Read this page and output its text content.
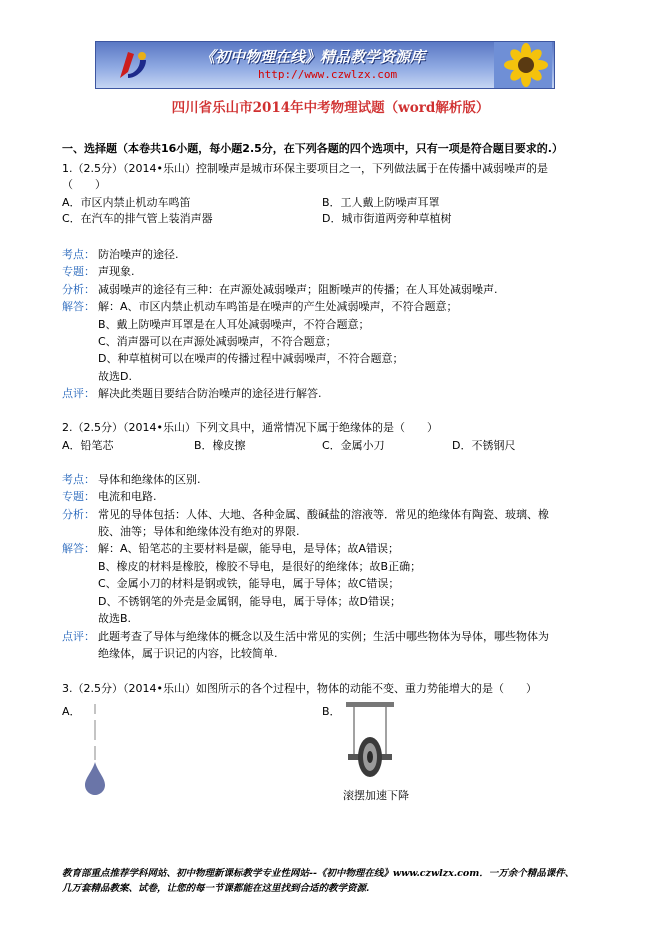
《初中物理在线》精品教学资源库
http://www.czwlzx.com
四川省乐山市2014年中考物理试题（word解析版）
一、选择题（本卷共16小题，每小题2.5分，在下列各题的四个选项中，只有一项是符合题目要求的.）
1.（2.5分）（2014•乐山）控制噪声是城市环保主要项目之一，下列做法属于在传播中减弱噪声的是
（　　）
A．市区内禁止机动车鸣笛	B．工人戴上防噪声耳罩
C．在汽车的排气管上装消声器	D．城市街道两旁种草植树
考点： 防治噪声的途径.
专题： 声现象.
分析： 减弱噪声的途径有三种：在声源处减弱噪声；阻断噪声的传播；在人耳处减弱噪声.
解答： 解：A、市区内禁止机动车鸣笛是在噪声的产生处减弱噪声，不符合题意；
B、戴上防噪声耳罩是在人耳处减弱噪声，不符合题意；
C、消声器可以在声源处减弱噪声，不符合题意；
D、种草植树可以在噪声的传播过程中减弱噪声，不符合题意；
故选D.
点评： 解决此类题目要结合防治噪声的途径进行解答.
2.（2.5分）（2014•乐山）下列文具中，通常情况下属于绝缘体的是（　　）
A．铅笔芯	B．橡皮擦	C．金属小刀	D．不锈钢尺
考点： 导体和绝缘体的区别.
专题： 电流和电路.
分析： 常见的导体包括：人体、大地、各种金属、酸碱盐的溶液等．常见的绝缘体有陶瓷、玻璃、橡
胶、油等；导体和绝缘体没有绝对的界限.
解答： 解：A、铅笔芯的主要材料是碳，能导电，是导体；故A错误；
B、橡皮的材料是橡胶，橡胶不导电，是很好的绝缘体；故B正确；
C、金属小刀的材料是钢或铁，能导电，属于导体；故C错误；
D、不锈钢笔的外壳是金属钢，能导电，属于导体；故D错误；
故选B.
点评： 此题考查了导体与绝缘体的概念以及生活中常见的实例；生活中哪些物体为导体，哪些物体为
绝缘体，属于识记的内容，比较简单.
3.（2.5分）（2014•乐山）如图所示的各个过程中，物体的动能不变、重力势能增大的是（　　）
A．	B．
滚摆加速下降
教育部重点推荐学科网站、初中物理新课标教学专业性网站--《初中物理在线》www.czwlzx.com．一万余个精品课件、
几万套精品教案、试卷，让您的每一节课都能在这里找到合适的教学资源.
